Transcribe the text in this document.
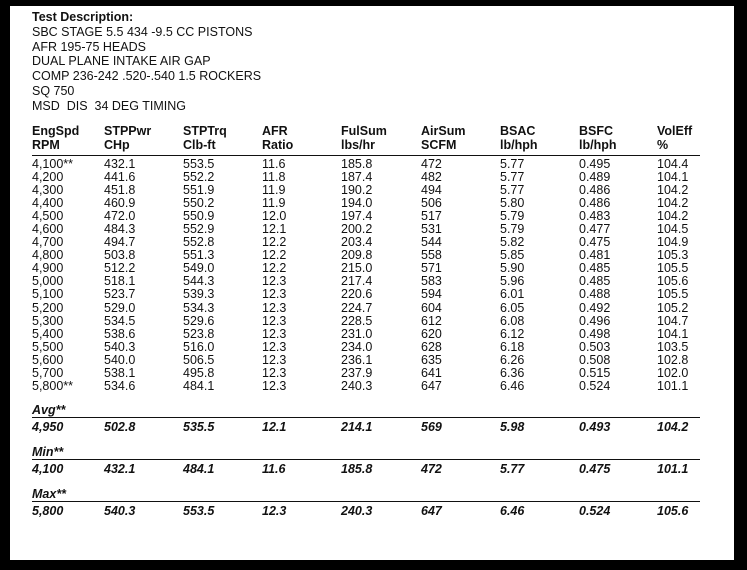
Test Description:
SBC STAGE 5.5 434 -9.5 CC PISTONS
AFR 195-75 HEADS
DUAL PLANE INTAKE AIR GAP
COMP 236-242 .520-.540 1.5 ROCKERS
SQ 750
MSD  DIS  34 DEG TIMING
EngSpd	STPPwr	STPTrq	AFR	FulSum	AirSum	BSAC	BSFC	VolEff
RPM	CHp	Clb-ft	Ratio	lbs/hr	SCFM	lb/hph	lb/hph	%
4,100**	432.1	553.5	11.6	185.8	472	5.77	0.495	104.4
4,200	441.6	552.2	11.8	187.4	482	5.77	0.489	104.1
4,300	451.8	551.9	11.9	190.2	494	5.77	0.486	104.2
4,400	460.9	550.2	11.9	194.0	506	5.80	0.486	104.2
4,500	472.0	550.9	12.0	197.4	517	5.79	0.483	104.2
4,600	484.3	552.9	12.1	200.2	531	5.79	0.477	104.5
4,700	494.7	552.8	12.2	203.4	544	5.82	0.475	104.9
4,800	503.8	551.3	12.2	209.8	558	5.85	0.481	105.3
4,900	512.2	549.0	12.2	215.0	571	5.90	0.485	105.5
5,000	518.1	544.3	12.3	217.4	583	5.96	0.485	105.6
5,100	523.7	539.3	12.3	220.6	594	6.01	0.488	105.5
5,200	529.0	534.3	12.3	224.7	604	6.05	0.492	105.2
5,300	534.5	529.6	12.3	228.5	612	6.08	0.496	104.7
5,400	538.6	523.8	12.3	231.0	620	6.12	0.498	104.1
5,500	540.3	516.0	12.3	234.0	628	6.18	0.503	103.5
5,600	540.0	506.5	12.3	236.1	635	6.26	0.508	102.8
5,700	538.1	495.8	12.3	237.9	641	6.36	0.515	102.0
5,800**	534.6	484.1	12.3	240.3	647	6.46	0.524	101.1

Avg**								
4,950	502.8	535.5	12.1	214.1	569	5.98	0.493	104.2

Min**								
4,100	432.1	484.1	11.6	185.8	472	5.77	0.475	101.1

Max**								
5,800	540.3	553.5	12.3	240.3	647	6.46	0.524	105.6
